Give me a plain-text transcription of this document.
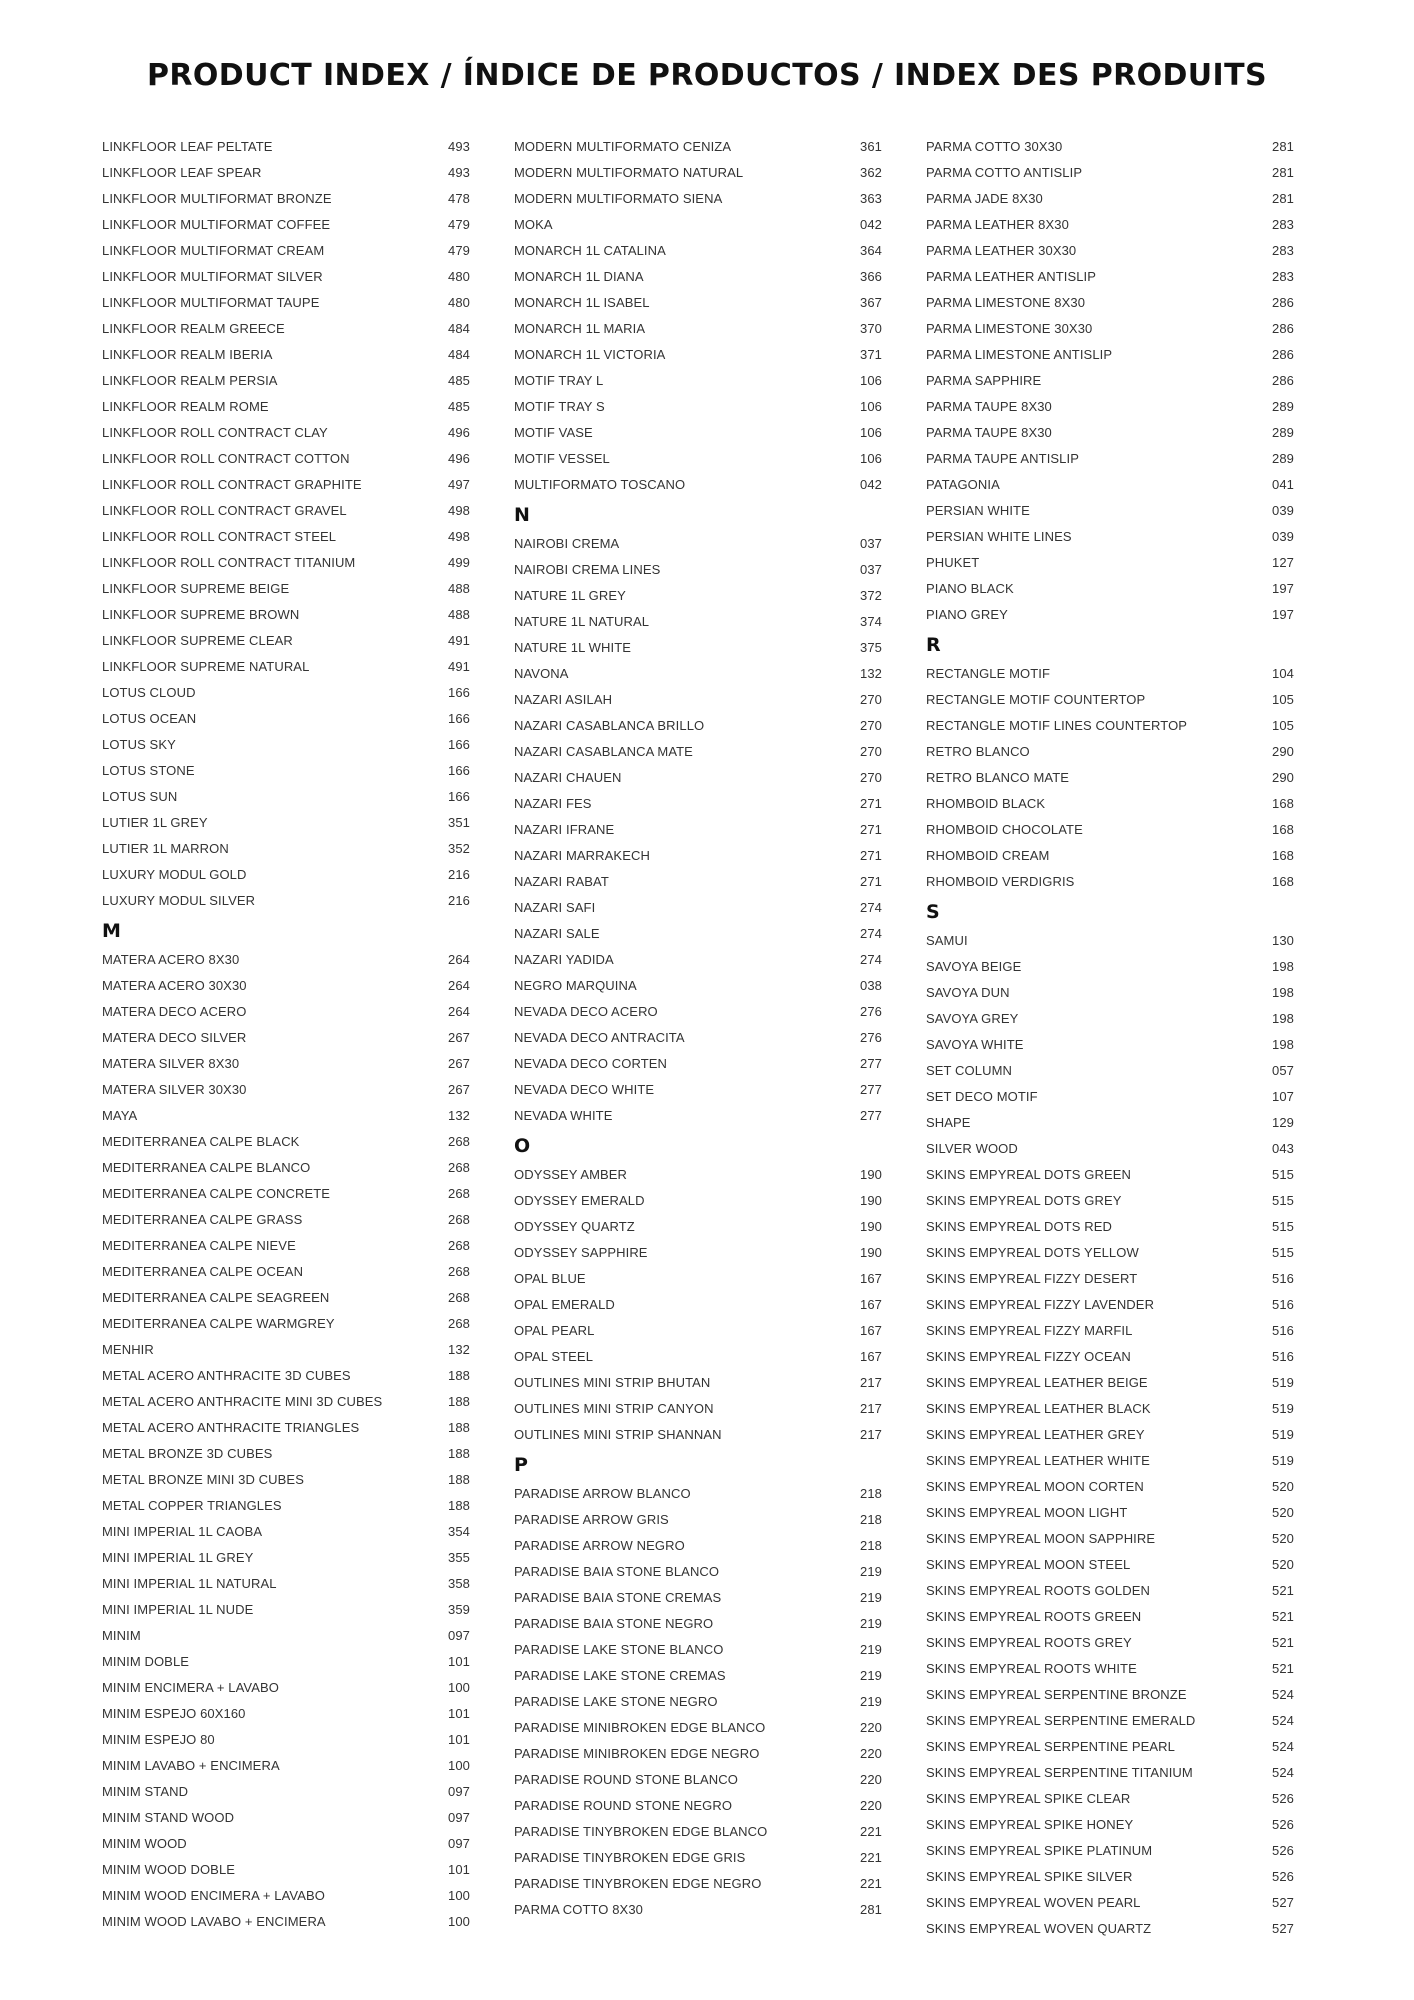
PRODUCT INDEX / ÍNDICE DE PRODUCTOS / INDEX DES PRODUITS
LINKFLOOR LEAF PELTATE	493
LINKFLOOR LEAF SPEAR	493
LINKFLOOR MULTIFORMAT BRONZE	478
LINKFLOOR MULTIFORMAT COFFEE	479
LINKFLOOR MULTIFORMAT CREAM	479
LINKFLOOR MULTIFORMAT SILVER	480
LINKFLOOR MULTIFORMAT TAUPE	480
LINKFLOOR REALM GREECE	484
LINKFLOOR REALM IBERIA	484
LINKFLOOR REALM PERSIA	485
LINKFLOOR REALM ROME	485
LINKFLOOR ROLL CONTRACT CLAY	496
LINKFLOOR ROLL CONTRACT COTTON	496
LINKFLOOR ROLL CONTRACT GRAPHITE	497
LINKFLOOR ROLL CONTRACT GRAVEL	498
LINKFLOOR ROLL CONTRACT STEEL	498
LINKFLOOR ROLL CONTRACT TITANIUM	499
LINKFLOOR SUPREME BEIGE	488
LINKFLOOR SUPREME BROWN	488
LINKFLOOR SUPREME CLEAR	491
LINKFLOOR SUPREME NATURAL	491
LOTUS CLOUD	166
LOTUS OCEAN	166
LOTUS SKY	166
LOTUS STONE	166
LOTUS SUN	166
LUTIER 1L GREY	351
LUTIER 1L MARRON	352
LUXURY MODUL GOLD	216
LUXURY MODUL SILVER	216
M
MATERA ACERO 8X30	264
MATERA ACERO 30X30	264
MATERA DECO ACERO	264
MATERA DECO SILVER	267
MATERA SILVER 8X30	267
MATERA SILVER 30X30	267
MAYA	132
MEDITERRANEA CALPE BLACK	268
MEDITERRANEA CALPE BLANCO	268
MEDITERRANEA CALPE CONCRETE	268
MEDITERRANEA CALPE GRASS	268
MEDITERRANEA CALPE NIEVE	268
MEDITERRANEA CALPE OCEAN	268
MEDITERRANEA CALPE SEAGREEN	268
MEDITERRANEA CALPE WARMGREY	268
MENHIR	132
METAL ACERO ANTHRACITE 3D CUBES	188
METAL ACERO ANTHRACITE MINI 3D CUBES	188
METAL ACERO ANTHRACITE TRIANGLES	188
METAL BRONZE 3D CUBES	188
METAL BRONZE MINI 3D CUBES	188
METAL COPPER TRIANGLES	188
MINI IMPERIAL 1L CAOBA	354
MINI IMPERIAL 1L GREY	355
MINI IMPERIAL 1L NATURAL	358
MINI IMPERIAL 1L NUDE	359
MINIM	097
MINIM DOBLE	101
MINIM ENCIMERA + LAVABO	100
MINIM ESPEJO 60X160	101
MINIM ESPEJO 80	101
MINIM LAVABO + ENCIMERA	100
MINIM STAND	097
MINIM STAND WOOD	097
MINIM WOOD	097
MINIM WOOD DOBLE	101
MINIM WOOD ENCIMERA + LAVABO	100
MINIM WOOD LAVABO + ENCIMERA	100
MODERN MULTIFORMATO CENIZA	361
MODERN MULTIFORMATO NATURAL	362
MODERN MULTIFORMATO SIENA	363
MOKA	042
MONARCH 1L CATALINA	364
MONARCH 1L DIANA	366
MONARCH 1L ISABEL	367
MONARCH 1L MARIA	370
MONARCH 1L VICTORIA	371
MOTIF TRAY L	106
MOTIF TRAY S	106
MOTIF VASE	106
MOTIF VESSEL	106
MULTIFORMATO TOSCANO	042
N
NAIROBI CREMA	037
NAIROBI CREMA LINES	037
NATURE 1L GREY	372
NATURE 1L NATURAL	374
NATURE 1L WHITE	375
NAVONA	132
NAZARI ASILAH	270
NAZARI CASABLANCA BRILLO	270
NAZARI CASABLANCA MATE	270
NAZARI CHAUEN	270
NAZARI FES	271
NAZARI IFRANE	271
NAZARI MARRAKECH	271
NAZARI RABAT	271
NAZARI SAFI	274
NAZARI SALE	274
NAZARI YADIDA	274
NEGRO MARQUINA	038
NEVADA DECO ACERO	276
NEVADA DECO ANTRACITA	276
NEVADA DECO CORTEN	277
NEVADA DECO WHITE	277
NEVADA WHITE	277
O
ODYSSEY AMBER	190
ODYSSEY EMERALD	190
ODYSSEY QUARTZ	190
ODYSSEY SAPPHIRE	190
OPAL BLUE	167
OPAL EMERALD	167
OPAL PEARL	167
OPAL STEEL	167
OUTLINES MINI STRIP BHUTAN	217
OUTLINES MINI STRIP CANYON	217
OUTLINES MINI STRIP SHANNAN	217
P
PARADISE ARROW BLANCO	218
PARADISE ARROW GRIS	218
PARADISE ARROW NEGRO	218
PARADISE BAIA STONE BLANCO	219
PARADISE BAIA STONE CREMAS	219
PARADISE BAIA STONE NEGRO	219
PARADISE LAKE STONE BLANCO	219
PARADISE LAKE STONE CREMAS	219
PARADISE LAKE STONE NEGRO	219
PARADISE MINIBROKEN EDGE BLANCO	220
PARADISE MINIBROKEN EDGE NEGRO	220
PARADISE ROUND STONE BLANCO	220
PARADISE ROUND STONE NEGRO	220
PARADISE TINYBROKEN EDGE BLANCO	221
PARADISE TINYBROKEN EDGE GRIS	221
PARADISE TINYBROKEN EDGE NEGRO	221
PARMA COTTO 8X30	281
PARMA COTTO 30X30	281
PARMA COTTO ANTISLIP	281
PARMA JADE 8X30	281
PARMA LEATHER 8X30	283
PARMA LEATHER 30X30	283
PARMA LEATHER ANTISLIP	283
PARMA LIMESTONE 8X30	286
PARMA LIMESTONE 30X30	286
PARMA LIMESTONE ANTISLIP	286
PARMA SAPPHIRE	286
PARMA TAUPE 8X30	289
PARMA TAUPE 8X30	289
PARMA TAUPE ANTISLIP	289
PATAGONIA	041
PERSIAN WHITE	039
PERSIAN WHITE LINES	039
PHUKET	127
PIANO BLACK	197
PIANO GREY	197
R
RECTANGLE MOTIF	104
RECTANGLE MOTIF COUNTERTOP	105
RECTANGLE MOTIF LINES COUNTERTOP	105
RETRO BLANCO	290
RETRO BLANCO MATE	290
RHOMBOID BLACK	168
RHOMBOID CHOCOLATE	168
RHOMBOID CREAM	168
RHOMBOID VERDIGRIS	168
S
SAMUI	130
SAVOYA BEIGE	198
SAVOYA DUN	198
SAVOYA GREY	198
SAVOYA WHITE	198
SET COLUMN	057
SET DECO MOTIF	107
SHAPE	129
SILVER WOOD	043
SKINS EMPYREAL DOTS GREEN	515
SKINS EMPYREAL DOTS GREY	515
SKINS EMPYREAL DOTS RED	515
SKINS EMPYREAL DOTS YELLOW	515
SKINS EMPYREAL FIZZY DESERT	516
SKINS EMPYREAL FIZZY LAVENDER	516
SKINS EMPYREAL FIZZY MARFIL	516
SKINS EMPYREAL FIZZY OCEAN	516
SKINS EMPYREAL LEATHER BEIGE	519
SKINS EMPYREAL LEATHER BLACK	519
SKINS EMPYREAL LEATHER GREY	519
SKINS EMPYREAL LEATHER WHITE	519
SKINS EMPYREAL MOON CORTEN	520
SKINS EMPYREAL MOON LIGHT	520
SKINS EMPYREAL MOON SAPPHIRE	520
SKINS EMPYREAL MOON STEEL	520
SKINS EMPYREAL ROOTS GOLDEN	521
SKINS EMPYREAL ROOTS GREEN	521
SKINS EMPYREAL ROOTS GREY	521
SKINS EMPYREAL ROOTS WHITE	521
SKINS EMPYREAL SERPENTINE BRONZE	524
SKINS EMPYREAL SERPENTINE EMERALD	524
SKINS EMPYREAL SERPENTINE PEARL	524
SKINS EMPYREAL SERPENTINE TITANIUM	524
SKINS EMPYREAL SPIKE CLEAR	526
SKINS EMPYREAL SPIKE HONEY	526
SKINS EMPYREAL SPIKE PLATINUM	526
SKINS EMPYREAL SPIKE SILVER	526
SKINS EMPYREAL WOVEN PEARL	527
SKINS EMPYREAL WOVEN QUARTZ	527
